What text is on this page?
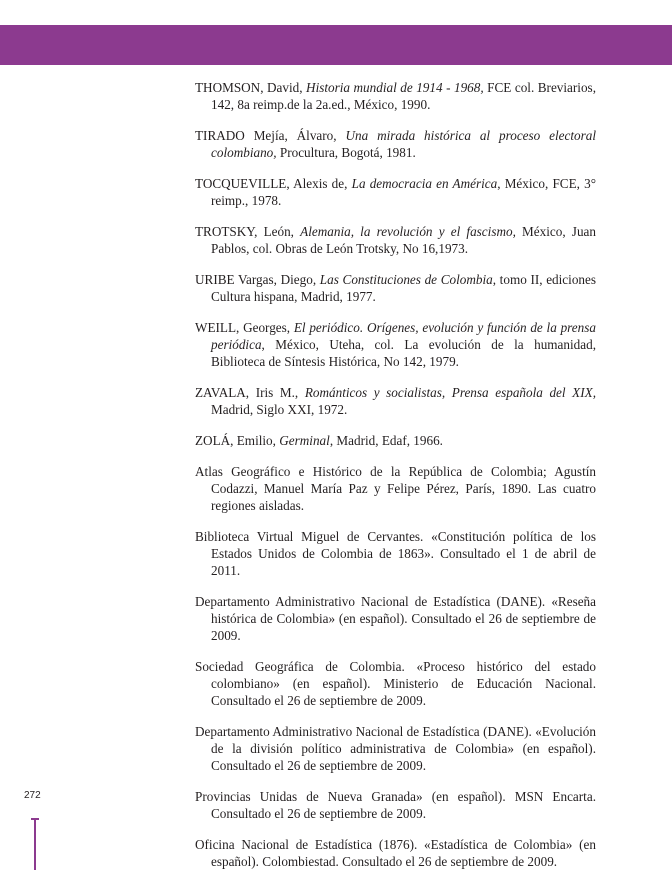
THOMSON, David, Historia mundial de 1914 - 1968, FCE col. Breviarios, 142, 8a reimp.de la 2a.ed., México, 1990.

TIRADO Mejía, Álvaro, Una mirada histórica al proceso electoral colombiano, Procultura, Bogotá, 1981.

TOCQUEVILLE, Alexis de, La democracia en América, México, FCE, 3° reimp., 1978.

TROTSKY, León, Alemania, la revolución y el fascismo, México, Juan Pablos, col. Obras de León Trotsky, No 16,1973.

URIBE Vargas, Diego, Las Constituciones de Colombia, tomo II, ediciones Cultura hispana, Madrid, 1977.

WEILL, Georges, El periódico. Orígenes, evolución y función de la prensa periódica, México, Uteha, col. La evolución de la humanidad, Biblioteca de Síntesis Histórica, No 142, 1979.

ZAVALA, Iris M., Románticos y socialistas, Prensa española del XIX, Madrid, Siglo XXI, 1972.

ZOLÁ, Emilio, Germinal, Madrid, Edaf, 1966.

Atlas Geográfico e Histórico de la República de Colombia; Agustín Codazzi, Manuel María Paz y Felipe Pérez, París, 1890. Las cuatro regiones aisladas.

Biblioteca Virtual Miguel de Cervantes. «Constitución política de los Estados Unidos de Colombia de 1863». Consultado el 1 de abril de 2011.

Departamento Administrativo Nacional de Estadística (DANE). «Reseña histórica de Colombia» (en español). Consultado el 26 de septiembre de 2009.

Sociedad Geográfica de Colombia. «Proceso histórico del estado colombiano» (en español). Ministerio de Educación Nacional. Consultado el 26 de septiembre de 2009.

Departamento Administrativo Nacional de Estadística (DANE). «Evolución de la división político administrativa de Colombia» (en español). Consultado el 26 de septiembre de 2009.

Provincias Unidas de Nueva Granada» (en español). MSN Encarta. Consultado el 26 de septiembre de 2009.

Oficina Nacional de Estadística (1876). «Estadística de Colombia» (en español). Colombiestad. Consultado el 26 de septiembre de 2009.

272
